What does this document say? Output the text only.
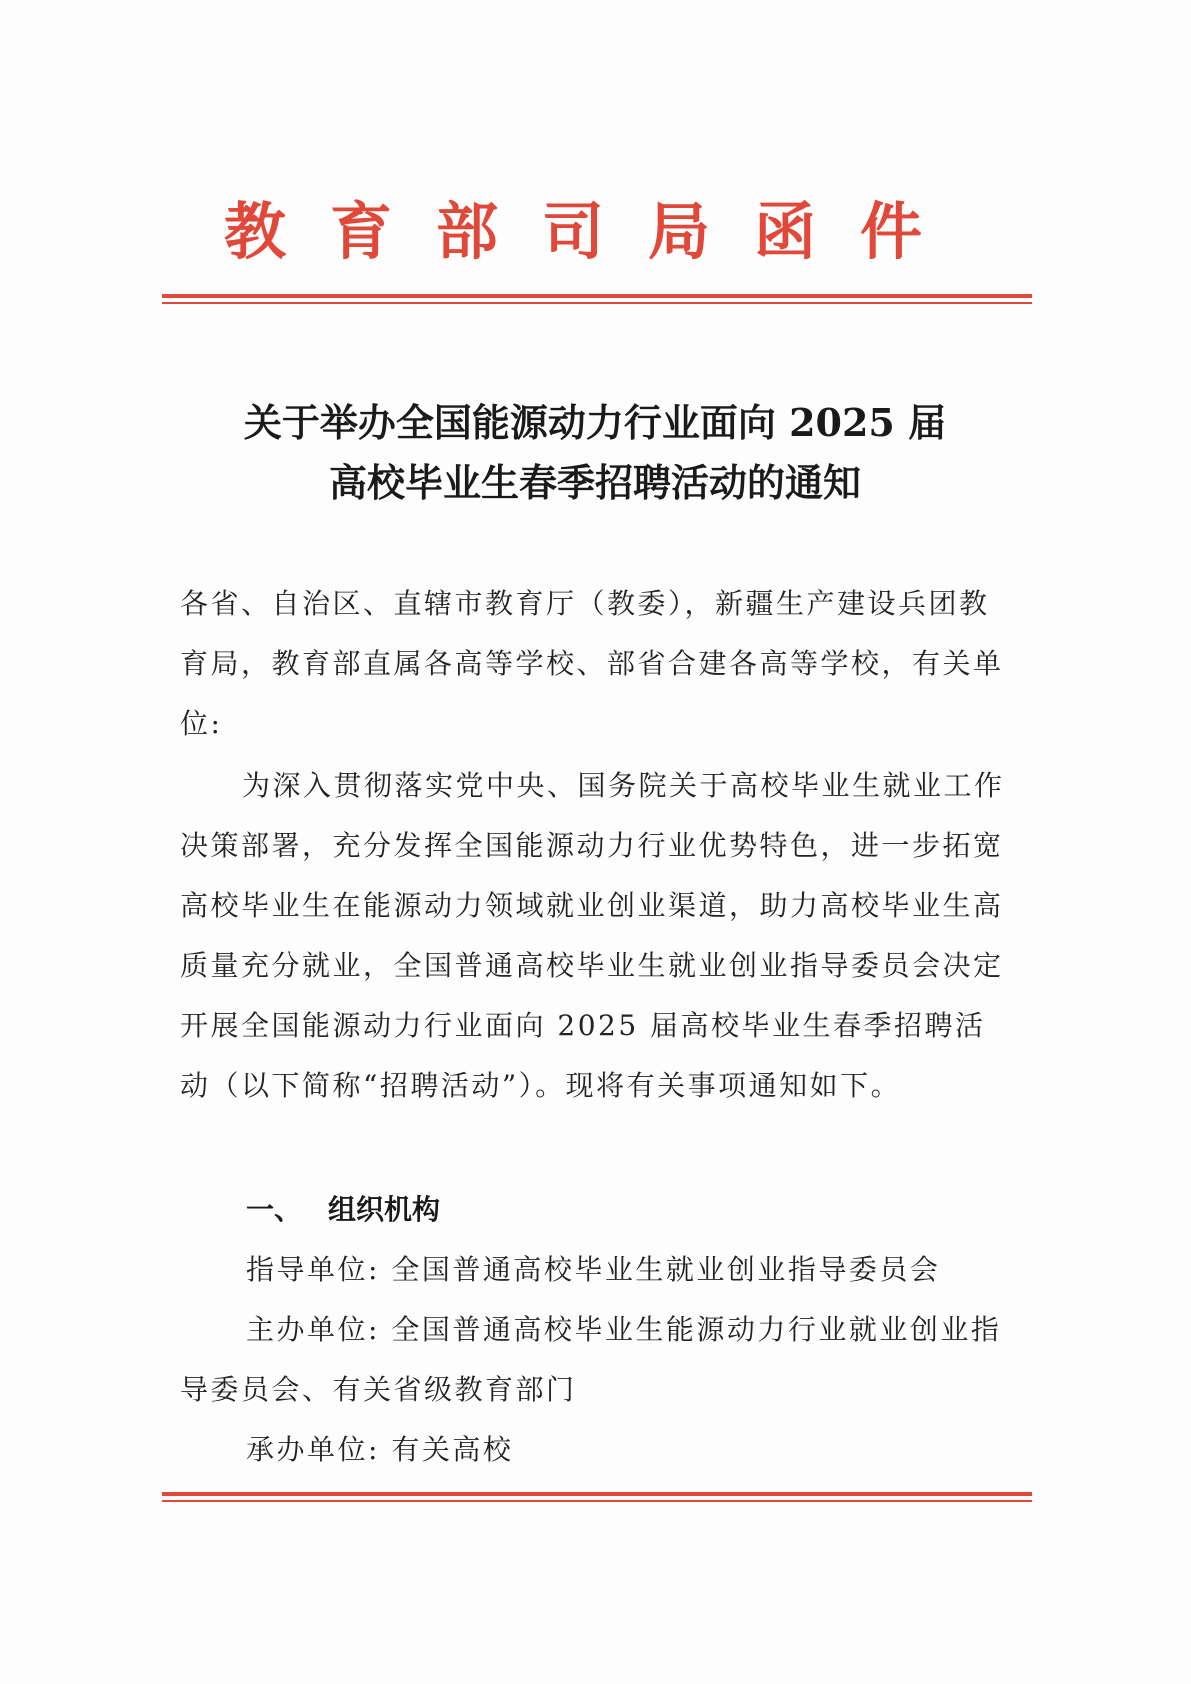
教育部司局函件
关于举办全国能源动力行业面向 2025 届
高校毕业生春季招聘活动的通知
各省、自治区、直辖市教育厅（教委），新疆生产建设兵团教育局，教育部直属各高等学校、部省合建各高等学校，有关单位:
为深入贯彻落实党中央、国务院关于高校毕业生就业工作决策部署，充分发挥全国能源动力行业优势特色，进一步拓宽高校毕业生在能源动力领域就业创业渠道，助力高校毕业生高质量充分就业，全国普通高校毕业生就业创业指导委员会决定开展全国能源动力行业面向 2025 届高校毕业生春季招聘活动（以下简称“招聘活动”）。现将有关事项通知如下。
一、 组织机构
指导单位: 全国普通高校毕业生就业创业指导委员会
主办单位: 全国普通高校毕业生能源动力行业就业创业指导委员会、有关省级教育部门
承办单位: 有关高校
